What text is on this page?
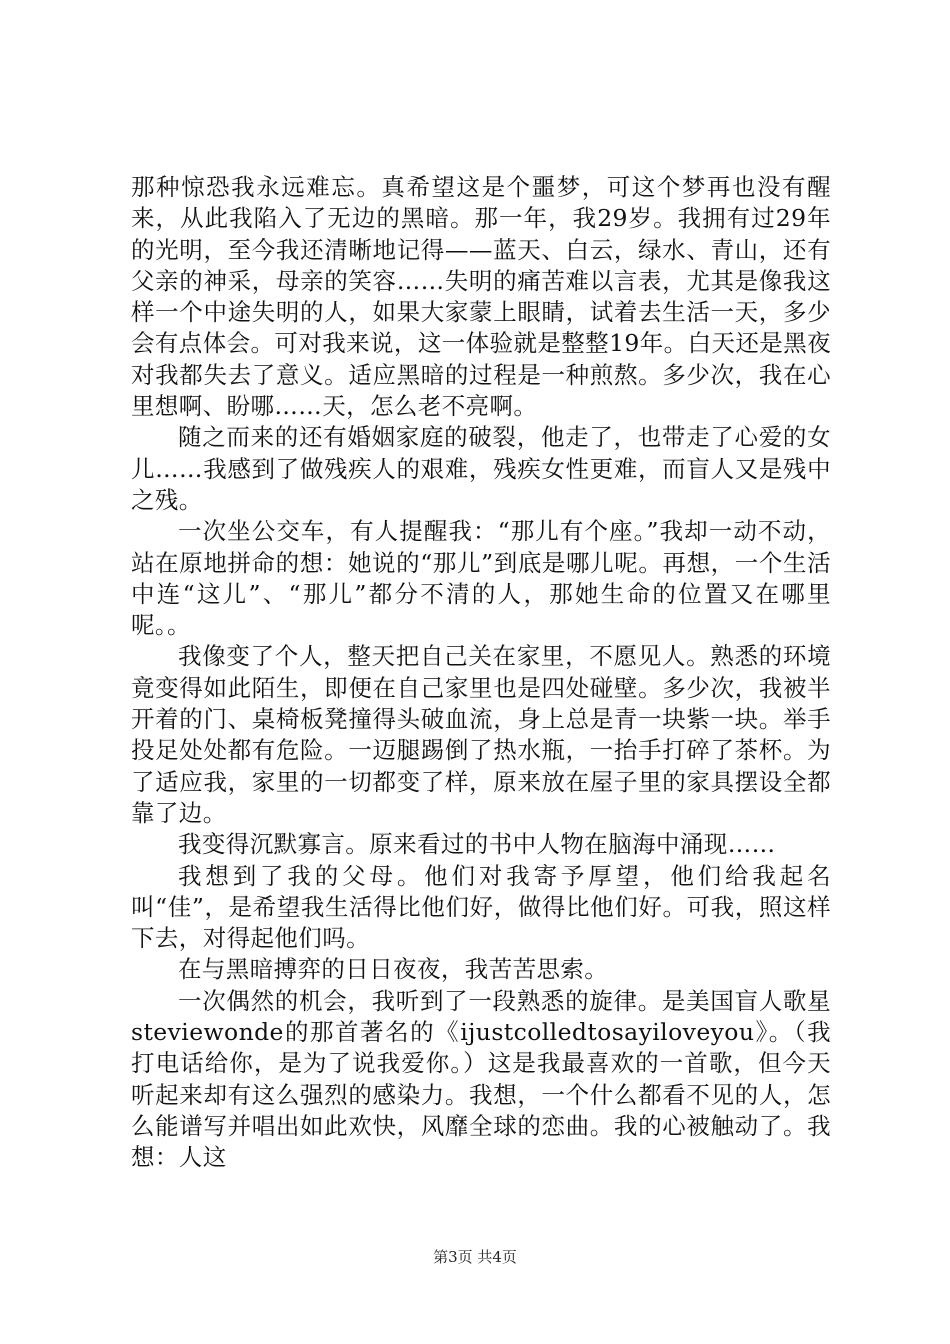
那种惊恐我永远难忘。真希望这是个噩梦，可这个梦再也没有醒来，从此我陷入了无边的黑暗。那一年，我29岁。我拥有过29年的光明，至今我还清晰地记得——蓝天、白云，绿水、青山，还有父亲的神采，母亲的笑容……失明的痛苦难以言表，尤其是像我这样一个中途失明的人，如果大家蒙上眼睛，试着去生活一天，多少会有点体会。可对我来说，这一体验就是整整19年。白天还是黑夜对我都失去了意义。适应黑暗的过程是一种煎熬。多少次，我在心里想啊、盼哪……天，怎么老不亮啊。

随之而来的还有婚姻家庭的破裂，他走了，也带走了心爱的女儿……我感到了做残疾人的艰难，残疾女性更难，而盲人又是残中之残。

一次坐公交车，有人提醒我：“那儿有个座。”我却一动不动，站在原地拼命的想：她说的“那儿”到底是哪儿呢。再想，一个生活中连“这儿”、“那儿”都分不清的人，那她生命的位置又在哪里呢。。

我像变了个人，整天把自己关在家里，不愿见人。熟悉的环境竟变得如此陌生，即便在自己家里也是四处碰壁。多少次，我被半开着的门、桌椅板凳撞得头破血流，身上总是青一块紫一块。举手投足处处都有危险。一迈腿踢倒了热水瓶，一抬手打碎了茶杯。为了适应我，家里的一切都变了样，原来放在屋子里的家具摆设全都靠了边。

我变得沉默寡言。原来看过的书中人物在脑海中涌现……

我想到了我的父母。他们对我寄予厚望，他们给我起名叫“佳”，是希望我生活得比他们好，做得比他们好。可我，照这样下去，对得起他们吗。

在与黑暗搏弈的日日夜夜，我苦苦思索。

一次偶然的机会，我听到了一段熟悉的旋律。是美国盲人歌星steviewonde的那首著名的《ijustcolledtosayiloveyou》。（我打电话给你，是为了说我爱你。）这是我最喜欢的一首歌，但今天听起来却有这么强烈的感染力。我想，一个什么都看不见的人，怎么能谱写并唱出如此欢快，风靡全球的恋曲。我的心被触动了。我想：人这

第3页 共4页
